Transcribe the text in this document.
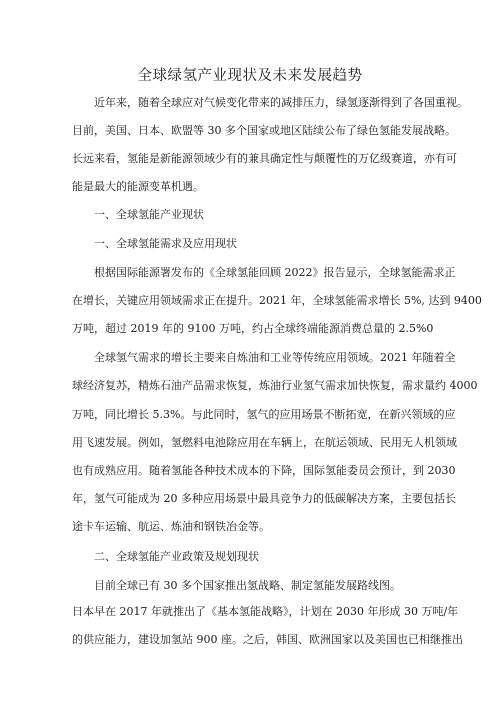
全球绿氢产业现状及未来发展趋势
近年来，随着全球应对气候变化带来的减排压力，绿氢逐渐得到了各国重视。
目前，美国、日本、欧盟等 30 多个国家或地区陆续公布了绿色氢能发展战略。
长远来看，氢能是新能源领域少有的兼具确定性与颠覆性的万亿级赛道，亦有可
能是最大的能源变革机遇。
一、全球氢能产业现状
一、全球氢能需求及应用现状
根据国际能源署发布的《全球氢能回顾 2022》报告显示，全球氢能需求正
在增长，关键应用领域需求正在提升。2021 年，全球氢能需求增长 5%, 达到 9400
万吨，超过 2019 年的 9100 万吨，约占全球终端能源消费总量的 2.5%0
全球氢气需求的增长主要来自炼油和工业等传统应用领域。2021 年随着全
球经济复苏，精炼石油产品需求恢复，炼油行业氢气需求加快恢复，需求量约 4000
万吨，同比增长 5.3%。与此同时，氢气的应用场景不断拓宽，在新兴领域的应
用飞速发展。例如，氢燃料电池除应用在车辆上，在航运领域、民用无人机领域
也有成熟应用。随着氢能各种技术成本的下降，国际氢能委员会预计，到 2030
年，氢气可能成为 20 多种应用场景中最具竞争力的低碳解决方案，主要包括长
途卡车运输、航运、炼油和钢铁冶金等。
二、全球氢能产业政策及规划现状
目前全球已有 30 多个国家推出氢战略、制定氢能发展路线图。
日本早在 2017 年就推出了《基本氢能战略》，计划在 2030 年形成 30 万吨/年
的供应能力，建设加氢站 900 座。之后，韩国、欧洲国家以及美国也已相继推出
